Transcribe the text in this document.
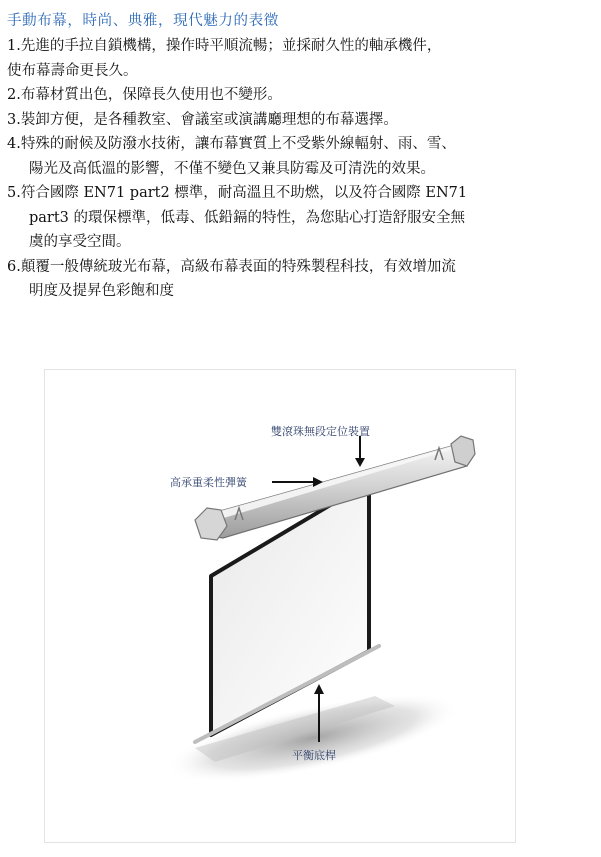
手動布幕，時尚、典雅，現代魅力的表徵
1.先進的手拉自鎖機構，操作時平順流暢；並採耐久性的軸承機件，
使布幕壽命更長久。
2.布幕材質出色，保障長久使用也不變形。
3.裝卸方便，是各種教室、會議室或演講廳理想的布幕選擇。
4.特殊的耐候及防潑水技術，讓布幕實質上不受紫外線輻射、雨、雪、
陽光及高低溫的影響，不僅不變色又兼具防霉及可清洗的效果。
5.符合國際 EN71 part2 標準，耐高溫且不助燃，以及符合國際 EN71
part3 的環保標準，低毒、低鉛鎘的特性，為您貼心打造舒服安全無
虞的享受空間。
6.顛覆一般傳統玻光布幕，高級布幕表面的特殊製程科技，有效增加流
明度及提昇色彩飽和度
雙滾珠無段定位裝置
高承重柔性彈簧
平衡底桿
